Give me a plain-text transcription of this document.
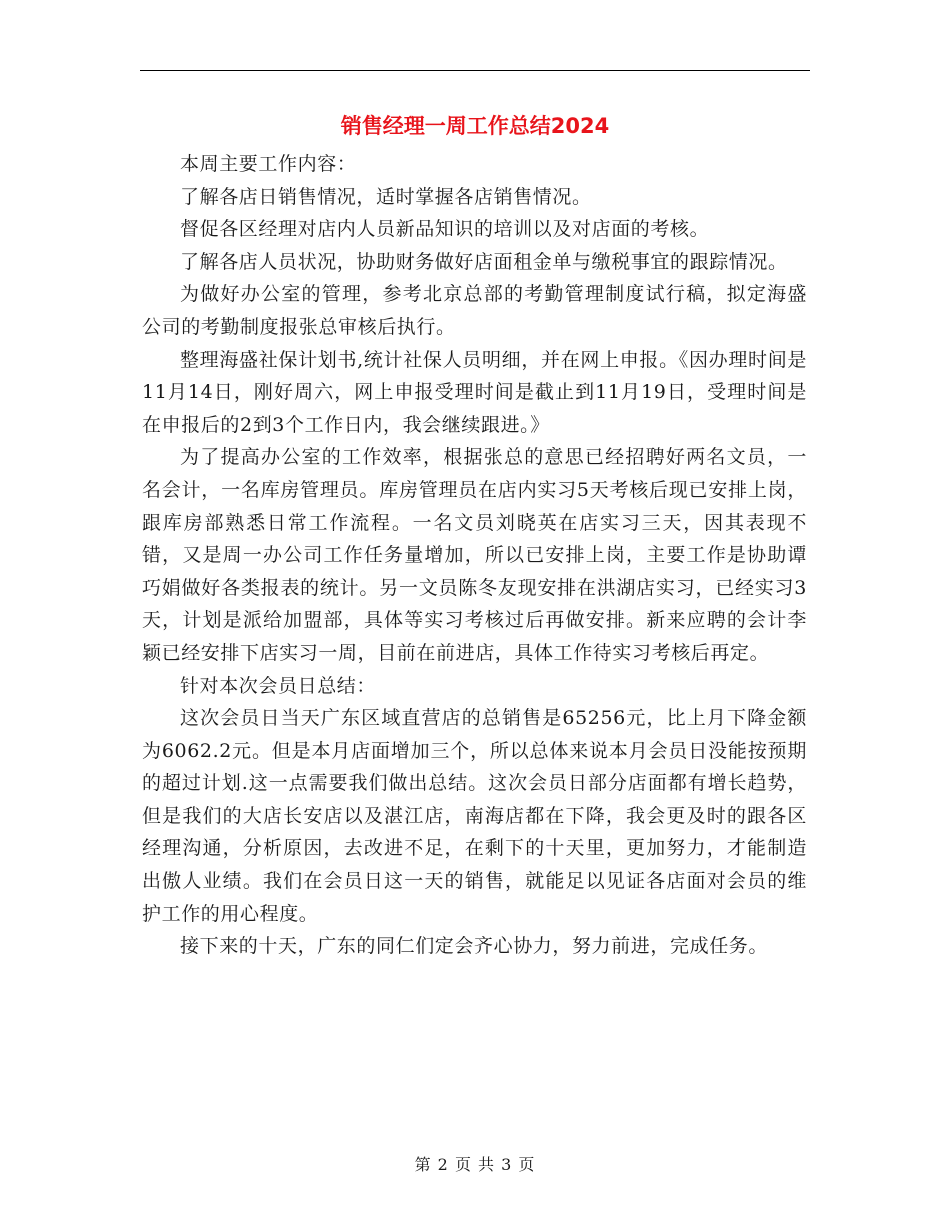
销售经理一周工作总结2024

本周主要工作内容：

了解各店日销售情况，适时掌握各店销售情况。

督促各区经理对店内人员新品知识的培训以及对店面的考核。

了解各店人员状况，协助财务做好店面租金单与缴税事宜的跟踪情况。

为做好办公室的管理，参考北京总部的考勤管理制度试行稿，拟定海盛公司的考勤制度报张总审核后执行。

整理海盛社保计划书,统计社保人员明细，并在网上申报。《因办理时间是11月14日，刚好周六，网上申报受理时间是截止到11月19日，受理时间是在申报后的2到3个工作日内，我会继续跟进。》

为了提高办公室的工作效率，根据张总的意思已经招聘好两名文员，一名会计，一名库房管理员。库房管理员在店内实习5天考核后现已安排上岗，跟库房部熟悉日常工作流程。一名文员刘晓英在店实习三天，因其表现不错，又是周一办公司工作任务量增加，所以已安排上岗，主要工作是协助谭巧娟做好各类报表的统计。另一文员陈冬友现安排在洪湖店实习，已经实习3天，计划是派给加盟部，具体等实习考核过后再做安排。新来应聘的会计李颖已经安排下店实习一周，目前在前进店，具体工作待实习考核后再定。

针对本次会员日总结：

这次会员日当天广东区域直营店的总销售是65256元，比上月下降金额为6062.2元。但是本月店面增加三个，所以总体来说本月会员日没能按预期的超过计划.这一点需要我们做出总结。这次会员日部分店面都有增长趋势，但是我们的大店长安店以及湛江店，南海店都在下降，我会更及时的跟各区经理沟通，分析原因，去改进不足，在剩下的十天里，更加努力，才能制造出傲人业绩。我们在会员日这一天的销售，就能足以见证各店面对会员的维护工作的用心程度。

接下来的十天，广东的同仁们定会齐心协力，努力前进，完成任务。

第 2 页 共 3 页
